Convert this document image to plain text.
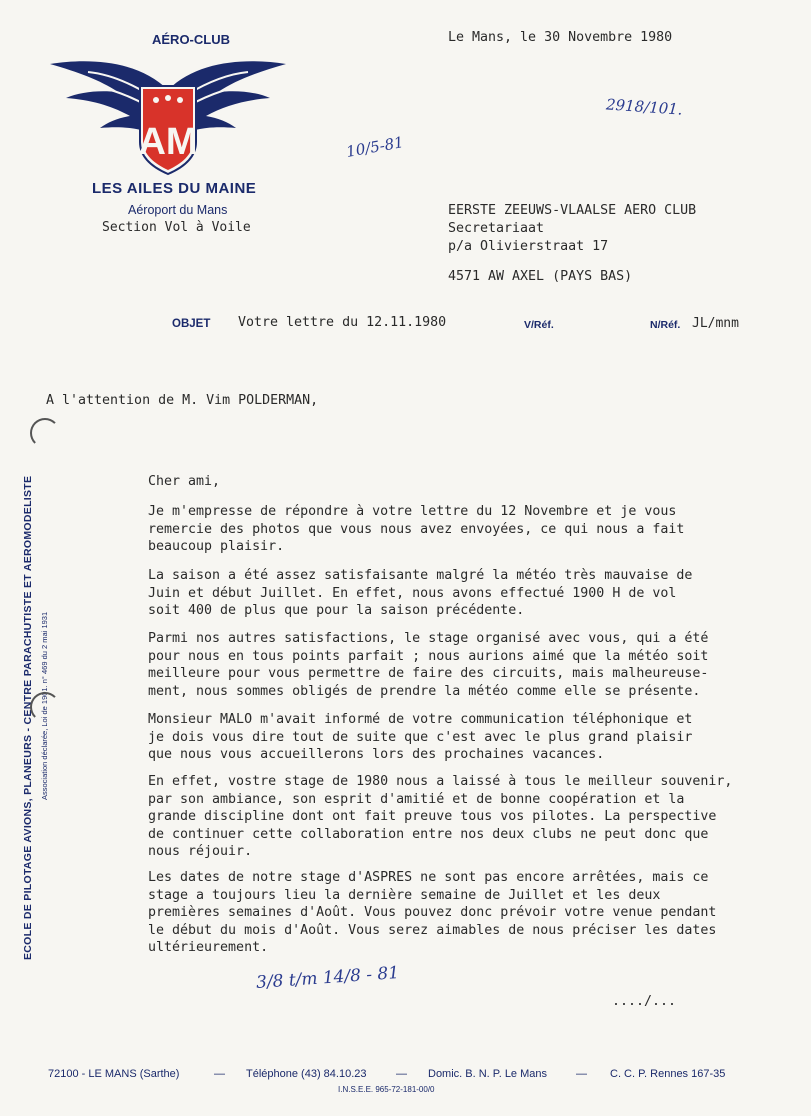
AÉRO-CLUB
AM
LES AILES DU MAINE
Aéroport du Mans
Section Vol à Voile
Le Mans, le 30 Novembre 1980
2918/101.
10/5-81
EERSTE ZEEUWS-VLAALSE AERO CLUB
Secretariaat
p/a Olivierstraat 17
4571 AW AXEL (PAYS BAS)
OBJET Votre lettre du 12.11.1980	V/Réf.	N/Réf. JL/mnm
A l'attention de M. Vim POLDERMAN,
Cher ami,
Je m'empresse de répondre à votre lettre du 12 Novembre et je vous
remercie des photos que vous nous avez envoyées, ce qui nous a fait
beaucoup plaisir.
La saison a été assez satisfaisante malgré la météo très mauvaise de
Juin et début Juillet. En effet, nous avons effectué 1900 H de vol
soit 400 de plus que pour la saison précédente.
Parmi nos autres satisfactions, le stage organisé avec vous, qui a été
pour nous en tous points parfait ; nous aurions aimé que la météo soit
meilleure pour vous permettre de faire des circuits, mais malheureuse-
ment, nous sommes obligés de prendre la météo comme elle se présente.
Monsieur MALO m'avait informé de votre communication téléphonique et
je dois vous dire tout de suite que c'est avec le plus grand plaisir
que nous vous accueillerons lors des prochaines vacances.
En effet, vostre stage de 1980 nous a laissé à tous le meilleur souvenir,
par son ambiance, son esprit d'amitié et de bonne coopération et la
grande discipline dont ont fait preuve tous vos pilotes. La perspective
de continuer cette collaboration entre nos deux clubs ne peut donc que
nous réjouir.
Les dates de notre stage d'ASPRES ne sont pas encore arrêtées, mais ce
stage a toujours lieu la dernière semaine de Juillet et les deux
premières semaines d'Août. Vous pouvez donc prévoir votre venue pendant
le début du mois d'Août. Vous serez aimables de nous préciser les dates
ultérieurement.
3/8 t/m 14/8 - 81
..../...
ECOLE DE PILOTAGE AVIONS, PLANEURS - CENTRE PARACHUTISTE ET AEROMODELISTE Association déclarée, Loi de 1901. n° 469 du 2 mai 1931
72100 - LE MANS (Sarthe)	— Téléphone (43) 84.10.23	— Domic. B. N. P. Le Mans	— C. C. P. Rennes 167-35
I.N.S.E.E. 965-72-181-00/0
